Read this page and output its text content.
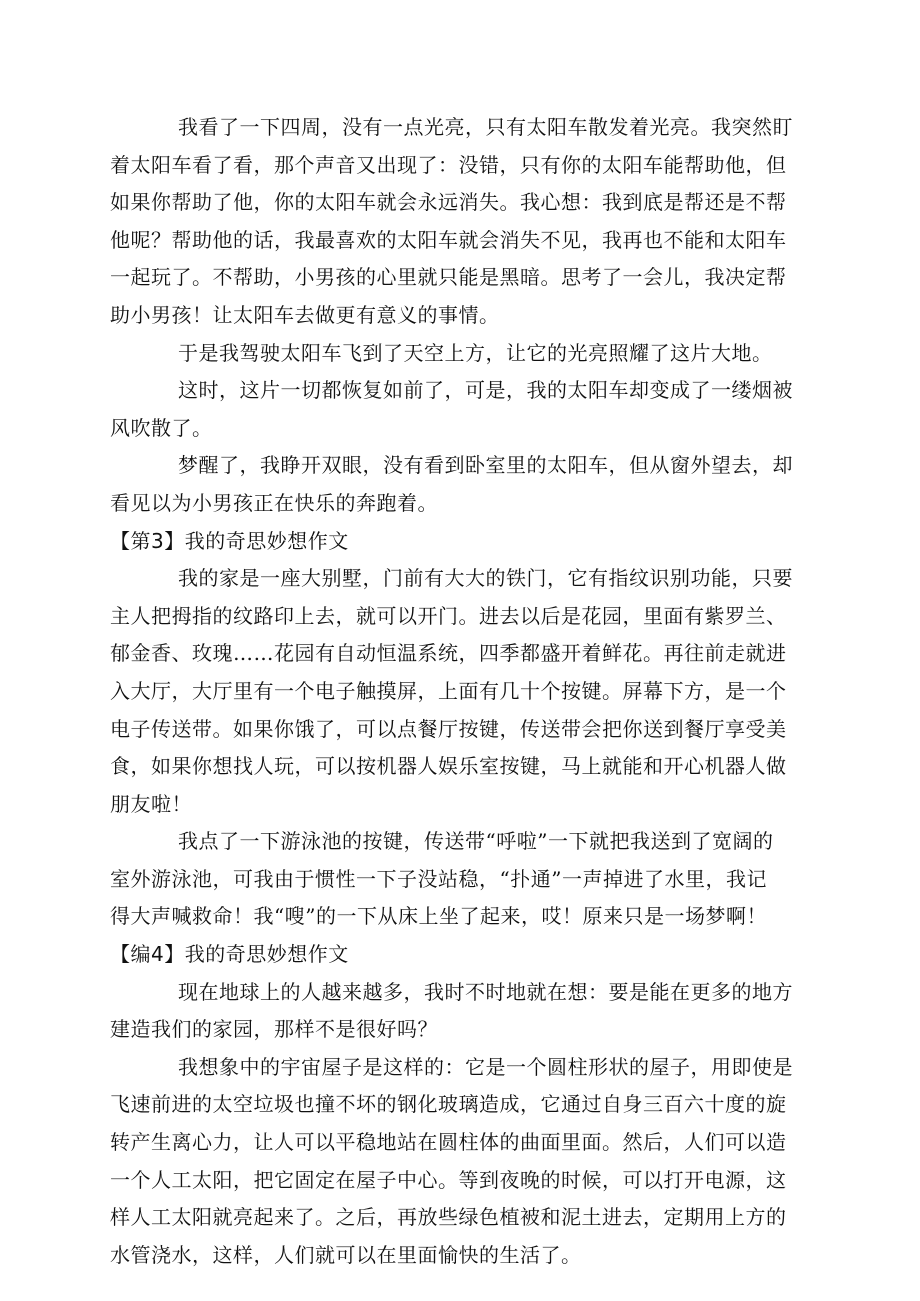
我看了一下四周，没有一点光亮，只有太阳车散发着光亮。我突然盯
着太阳车看了看，那个声音又出现了：没错，只有你的太阳车能帮助他，但
如果你帮助了他，你的太阳车就会永远消失。我心想：我到底是帮还是不帮
他呢？帮助他的话，我最喜欢的太阳车就会消失不见，我再也不能和太阳车
一起玩了。不帮助，小男孩的心里就只能是黑暗。思考了一会儿，我决定帮
助小男孩！让太阳车去做更有意义的事情。
于是我驾驶太阳车飞到了天空上方，让它的光亮照耀了这片大地。
这时，这片一切都恢复如前了，可是，我的太阳车却变成了一缕烟被
风吹散了。
梦醒了，我睁开双眼，没有看到卧室里的太阳车，但从窗外望去，却
看见以为小男孩正在快乐的奔跑着。
【第3】我的奇思妙想作文
我的家是一座大别墅，门前有大大的铁门，它有指纹识别功能，只要
主人把拇指的纹路印上去，就可以开门。进去以后是花园，里面有紫罗兰、
郁金香、玫瑰……花园有自动恒温系统，四季都盛开着鲜花。再往前走就进
入大厅，大厅里有一个电子触摸屏，上面有几十个按键。屏幕下方，是一个
电子传送带。如果你饿了，可以点餐厅按键，传送带会把你送到餐厅享受美
食，如果你想找人玩，可以按机器人娱乐室按键，马上就能和开心机器人做
朋友啦！
我点了一下游泳池的按键，传送带“呼啦”一下就把我送到了宽阔的
室外游泳池，可我由于惯性一下子没站稳，“扑通”一声掉进了水里，我记
得大声喊救命！我“嗖”的一下从床上坐了起来，哎！原来只是一场梦啊！
【编4】我的奇思妙想作文
现在地球上的人越来越多，我时不时地就在想：要是能在更多的地方
建造我们的家园，那样不是很好吗？
我想象中的宇宙屋子是这样的：它是一个圆柱形状的屋子，用即使是
飞速前进的太空垃圾也撞不坏的钢化玻璃造成，它通过自身三百六十度的旋
转产生离心力，让人可以平稳地站在圆柱体的曲面里面。然后，人们可以造
一个人工太阳，把它固定在屋子中心。等到夜晚的时候，可以打开电源，这
样人工太阳就亮起来了。之后，再放些绿色植被和泥土进去，定期用上方的
水管浇水，这样，人们就可以在里面愉快的生活了。
